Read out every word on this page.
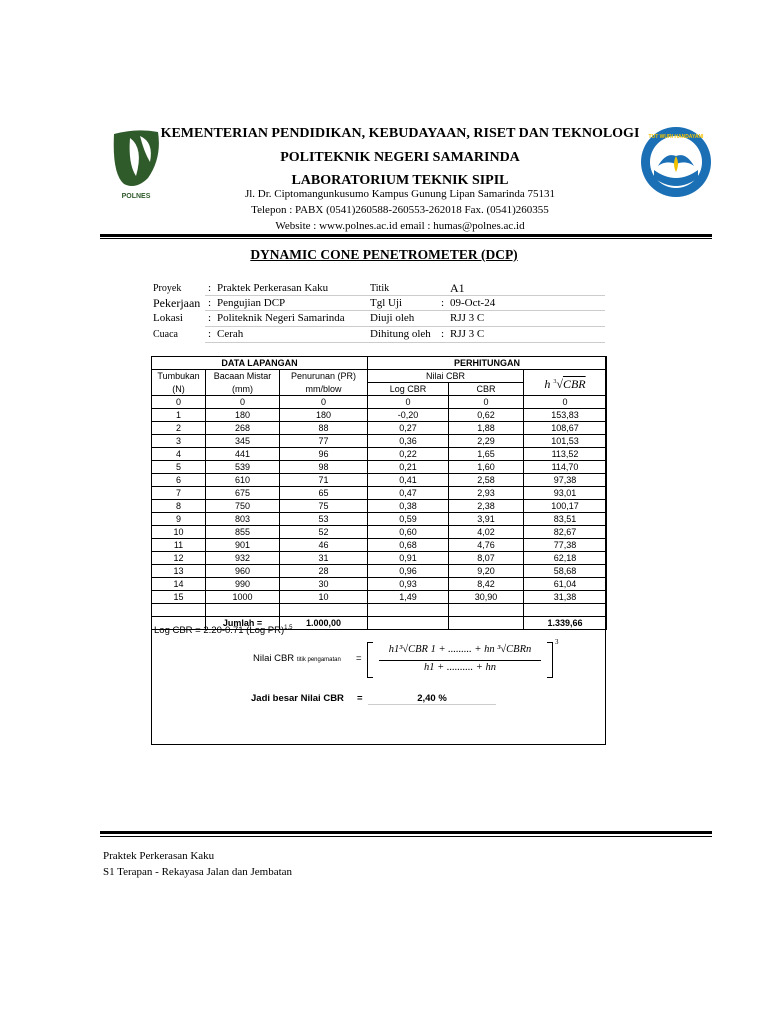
POLNES
TUT WURI HANDAYANI
KEMENTERIAN PENDIDIKAN, KEBUDAYAAN, RISET DAN TEKNOLOGI
POLITEKNIK NEGERI SAMARINDA
LABORATORIUM TEKNIK SIPIL
Jl. Dr. Ciptomangunkusumo Kampus Gunung Lipan Samarinda 75131
Telepon : PABX (0541)260588-260553-262018 Fax. (0541)260355
Website : www.polnes.ac.id email : humas@polnes.ac.id
DYNAMIC CONE PENETROMETER (DCP)
Proyek : Praktek Perkerasan Kaku
Pekerjaan : Pengujian DCP
Lokasi : Politeknik Negeri Samarinda
Cuaca	: Cerah
Titik	A1
Tgl Uji	: 09-Oct-24
Diuji oleh	RJJ 3 C
Dihitung oleh : RJJ 3 C
DATA LAPANGAN			PERHITUNGAN		
Tumbukan	Bacaan Mistar	Penurunan (PR)	Nilai CBR		h $^3$√CBR
(N)	(mm)	mm/blow	Log CBR	CBR	
0	0	0	0	0	0
1	180	180	-0,20	0,62	153,83
2	268	88	0,27	1,88	108,67
3	345	77	0,36	2,29	101,53
4	441	96	0,22	1,65	113,52
5	539	98	0,21	1,60	114,70
6	610	71	0,41	2,58	97,38
7	675	65	0,47	2,93	93,01
8	750	75	0,38	2,38	100,17
9	803	53	0,59	3,91	83,51
10	855	52	0,60	4,02	82,67
11	901	46	0,68	4,76	77,38
12	932	31	0,91	8,07	62,18
13	960	28	0,96	9,20	58,68
14	990	30	0,93	8,42	61,04
15	1000	10	1,49	30,90	31,38

	Jumlah =	1.000,00			1.339,66
Log CBR = 2.20-0.71 (Log PR)$^{1.5}$
Nilai CBR titik pengamatan =
h1³√CBR 1 + ......... + hn ³√CBRn
h1 + .......... + hn
3
Jadi besar Nilai CBR =	2,40 %
Praktek Perkerasan Kaku
S1 Terapan - Rekayasa Jalan dan Jembatan
